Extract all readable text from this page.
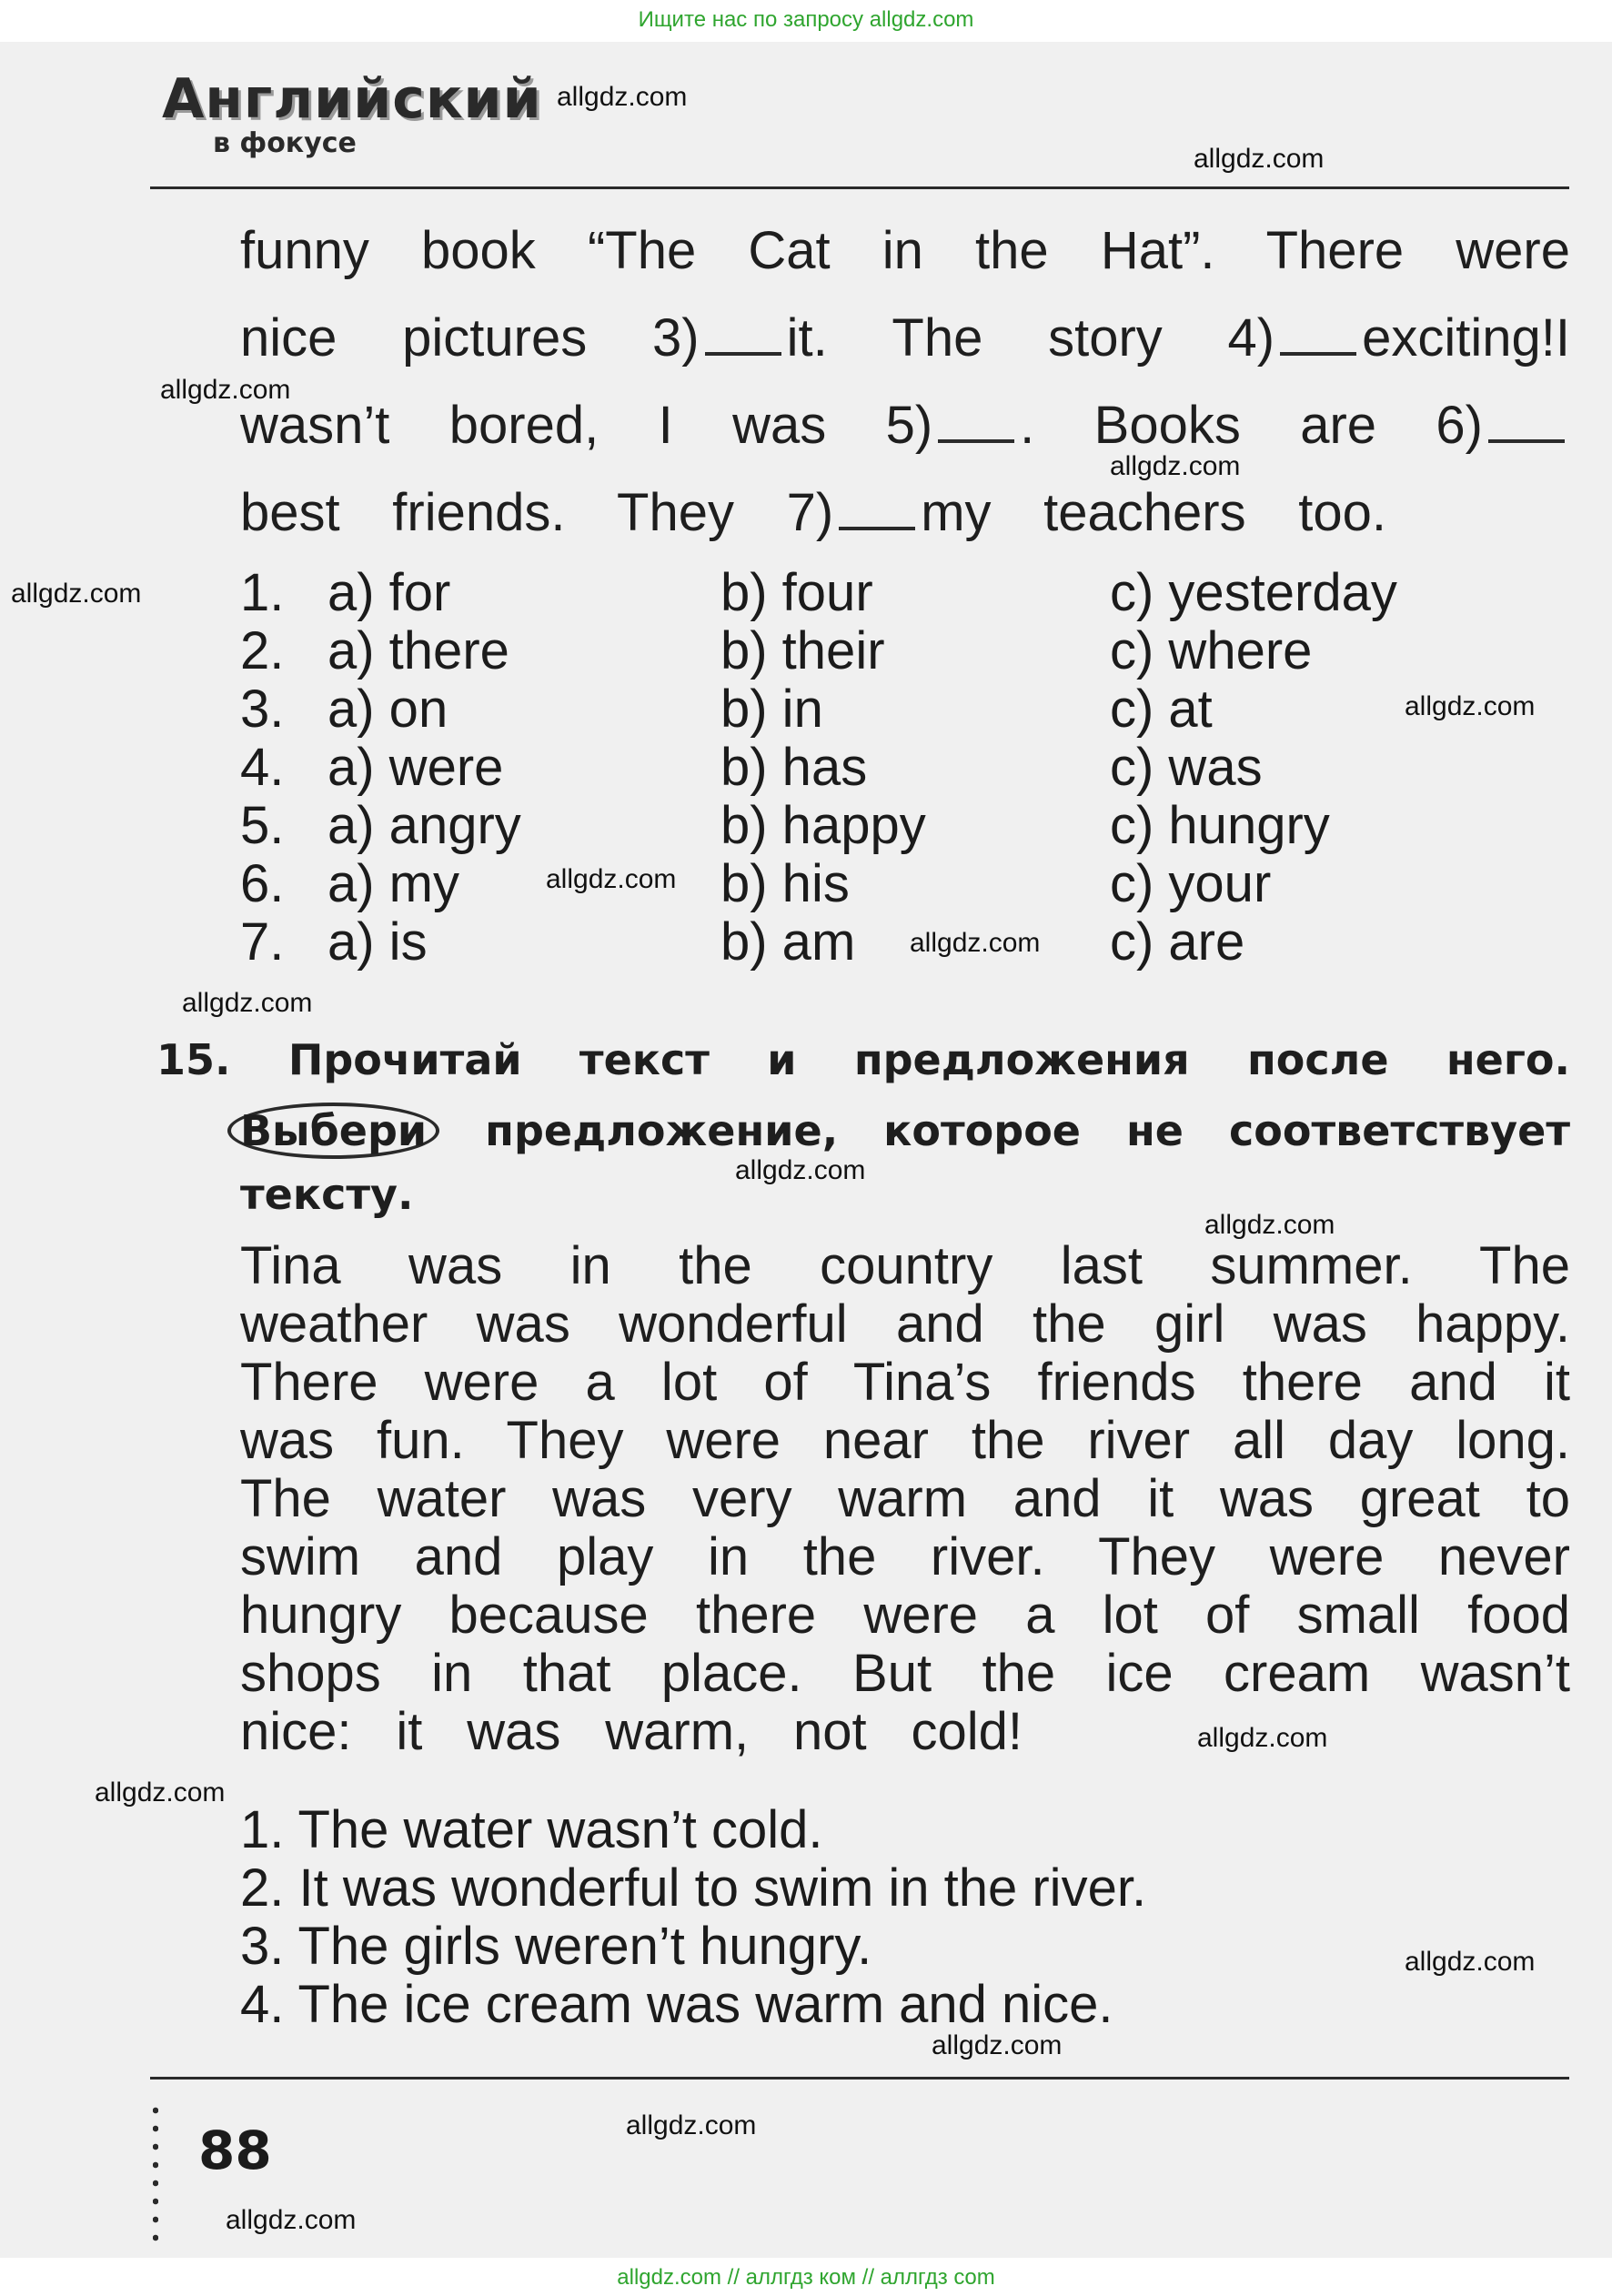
Ищите нас по запросу allgdz.com
Английский
в фокусе
funny book “The Cat in the Hat”. There were
nice pictures 3) it. The story 4) exciting!I
wasn’t bored, I was 5) . Books are 6)
best friends. They 7) my teachers too.
1. a) for	b) four	c) yesterday
2. a) there	b) their	c) where
3. a) on	b) in	c) at
4. a) were	b) has	c) was
5. a) angry	b) happy	c) hungry
6. a) my	b) his	c) your
7. a) is	b) am	c) are
15. Прочитай текст и предложения после него.
Выбери предложение, которое не соответствует
тексту.
Tina was in the country last summer. The
weather was wonderful and the girl was happy.
There were a lot of Tina’s friends there and it
was fun. They were near the river all day long.
The water was very warm and it was great to
swim and play in the river. They were never
hungry because there were a lot of small food
shops in that place. But the ice cream wasn’t
nice: it was warm, not cold!
1. The water wasn’t cold.
2. It was wonderful to swim in the river.
3. The girls weren’t hungry.
4. The ice cream was warm and nice.
88
allgdz.com
allgdz.com
allgdz.com
allgdz.com
allgdz.com
allgdz.com
allgdz.com
allgdz.com
allgdz.com
allgdz.com
allgdz.com
allgdz.com
allgdz.com
allgdz.com
allgdz.com
allgdz.com
allgdz.com
allgdz.com // аллгдз ком // аллгдз com
